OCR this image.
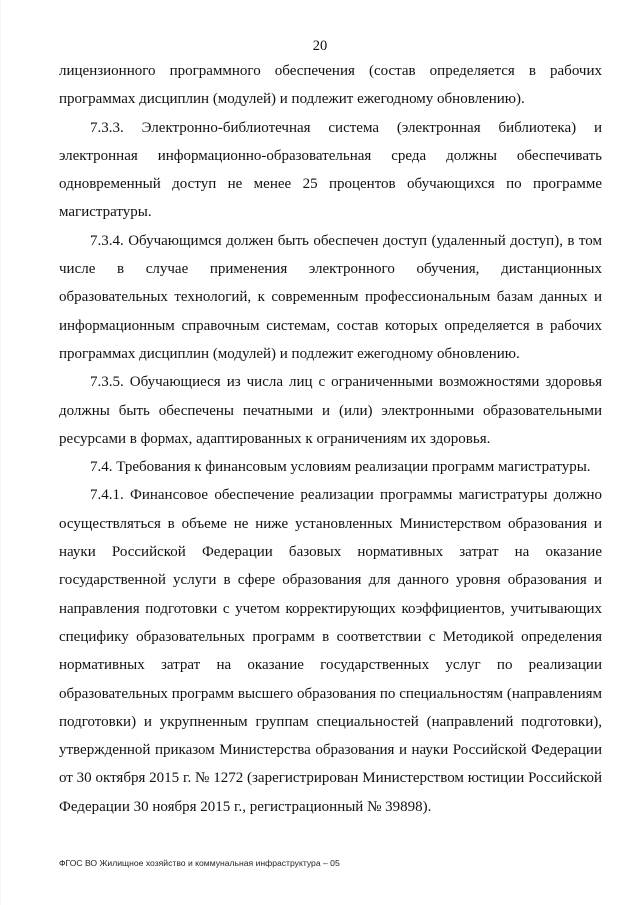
20

лицензионного программного обеспечения (состав определяется в рабочих программах дисциплин (модулей) и подлежит ежегодному обновлению).

7.3.3. Электронно-библиотечная система (электронная библиотека) и электронная информационно-образовательная среда должны обеспечивать одновременный доступ не менее 25 процентов обучающихся по программе магистратуры.

7.3.4. Обучающимся должен быть обеспечен доступ (удаленный доступ), в том числе в случае применения электронного обучения, дистанционных образовательных технологий, к современным профессиональным базам данных и информационным справочным системам, состав которых определяется в рабочих программах дисциплин (модулей) и подлежит ежегодному обновлению.

7.3.5. Обучающиеся из числа лиц с ограниченными возможностями здоровья должны быть обеспечены печатными и (или) электронными образовательными ресурсами в формах, адаптированных к ограничениям их здоровья.

7.4. Требования к финансовым условиям реализации программ магистратуры.

7.4.1. Финансовое обеспечение реализации программы магистратуры должно осуществляться в объеме не ниже установленных Министерством образования и науки Российской Федерации базовых нормативных затрат на оказание государственной услуги в сфере образования для данного уровня образования и направления подготовки с учетом корректирующих коэффициентов, учитывающих специфику образовательных программ в соответствии с Методикой определения нормативных затрат на оказание государственных услуг по реализации образовательных программ высшего образования по специальностям (направлениям подготовки) и укрупненным группам специальностей (направлений подготовки), утвержденной приказом Министерства образования и науки Российской Федерации от 30 октября 2015 г. № 1272 (зарегистрирован Министерством юстиции Российской Федерации 30 ноября 2015 г., регистрационный № 39898).

ФГОС ВО Жилищное хозяйство и коммунальная инфраструктура – 05
